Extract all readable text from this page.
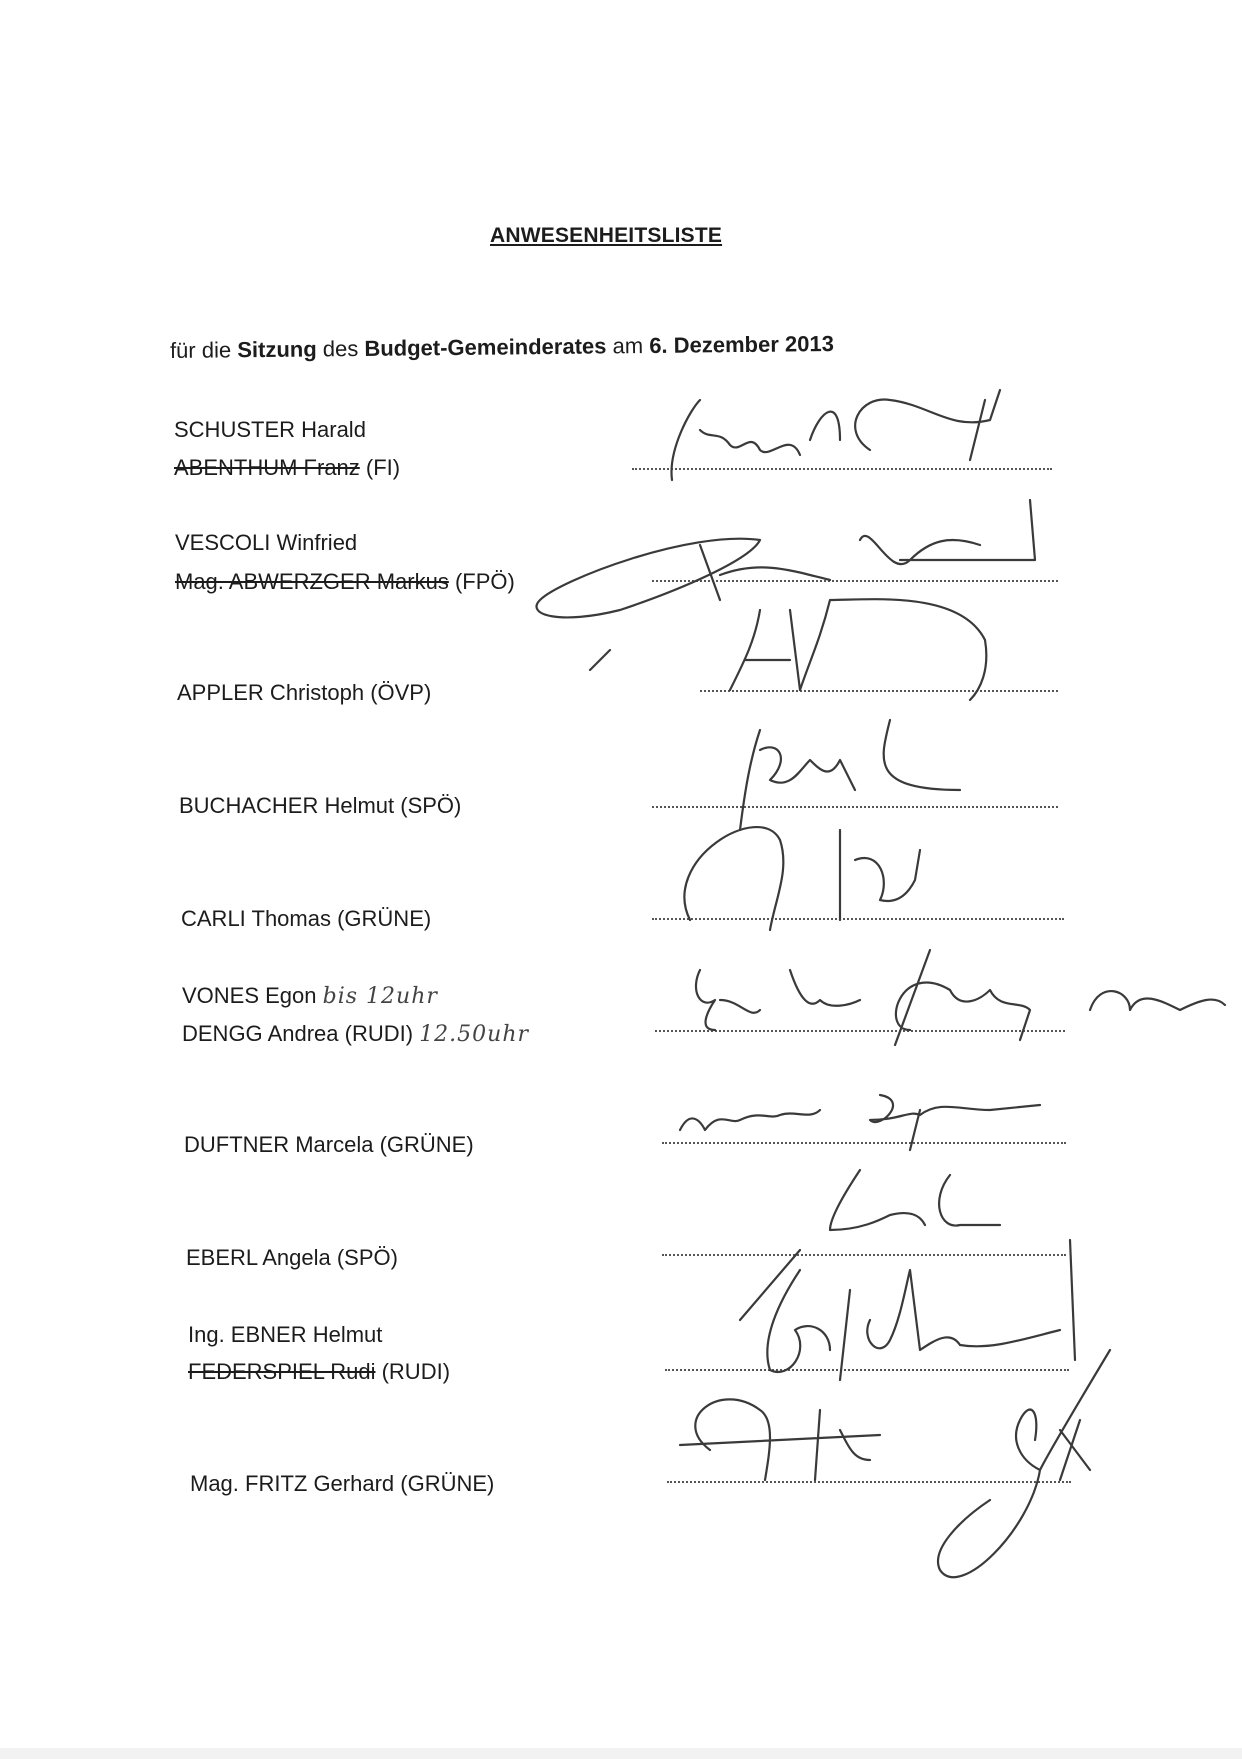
ANWESENHEITSLISTE
für die Sitzung des Budget-Gemeinderates am 6. Dezember 2013
SCHUSTER Harald
ABENTHUM Franz (FI)
VESCOLI Winfried
Mag. ABWERZGER Markus (FPÖ)
APPLER Christoph (ÖVP)
BUCHACHER Helmut (SPÖ)
CARLI Thomas (GRÜNE)
VONES Egon bis 12uhr
DENGG Andrea (RUDI) 12.50uhr
DUFTNER Marcela (GRÜNE)
EBERL Angela (SPÖ)
Ing. EBNER Helmut
FEDERSPIEL Rudi (RUDI)
Mag. FRITZ Gerhard (GRÜNE)
